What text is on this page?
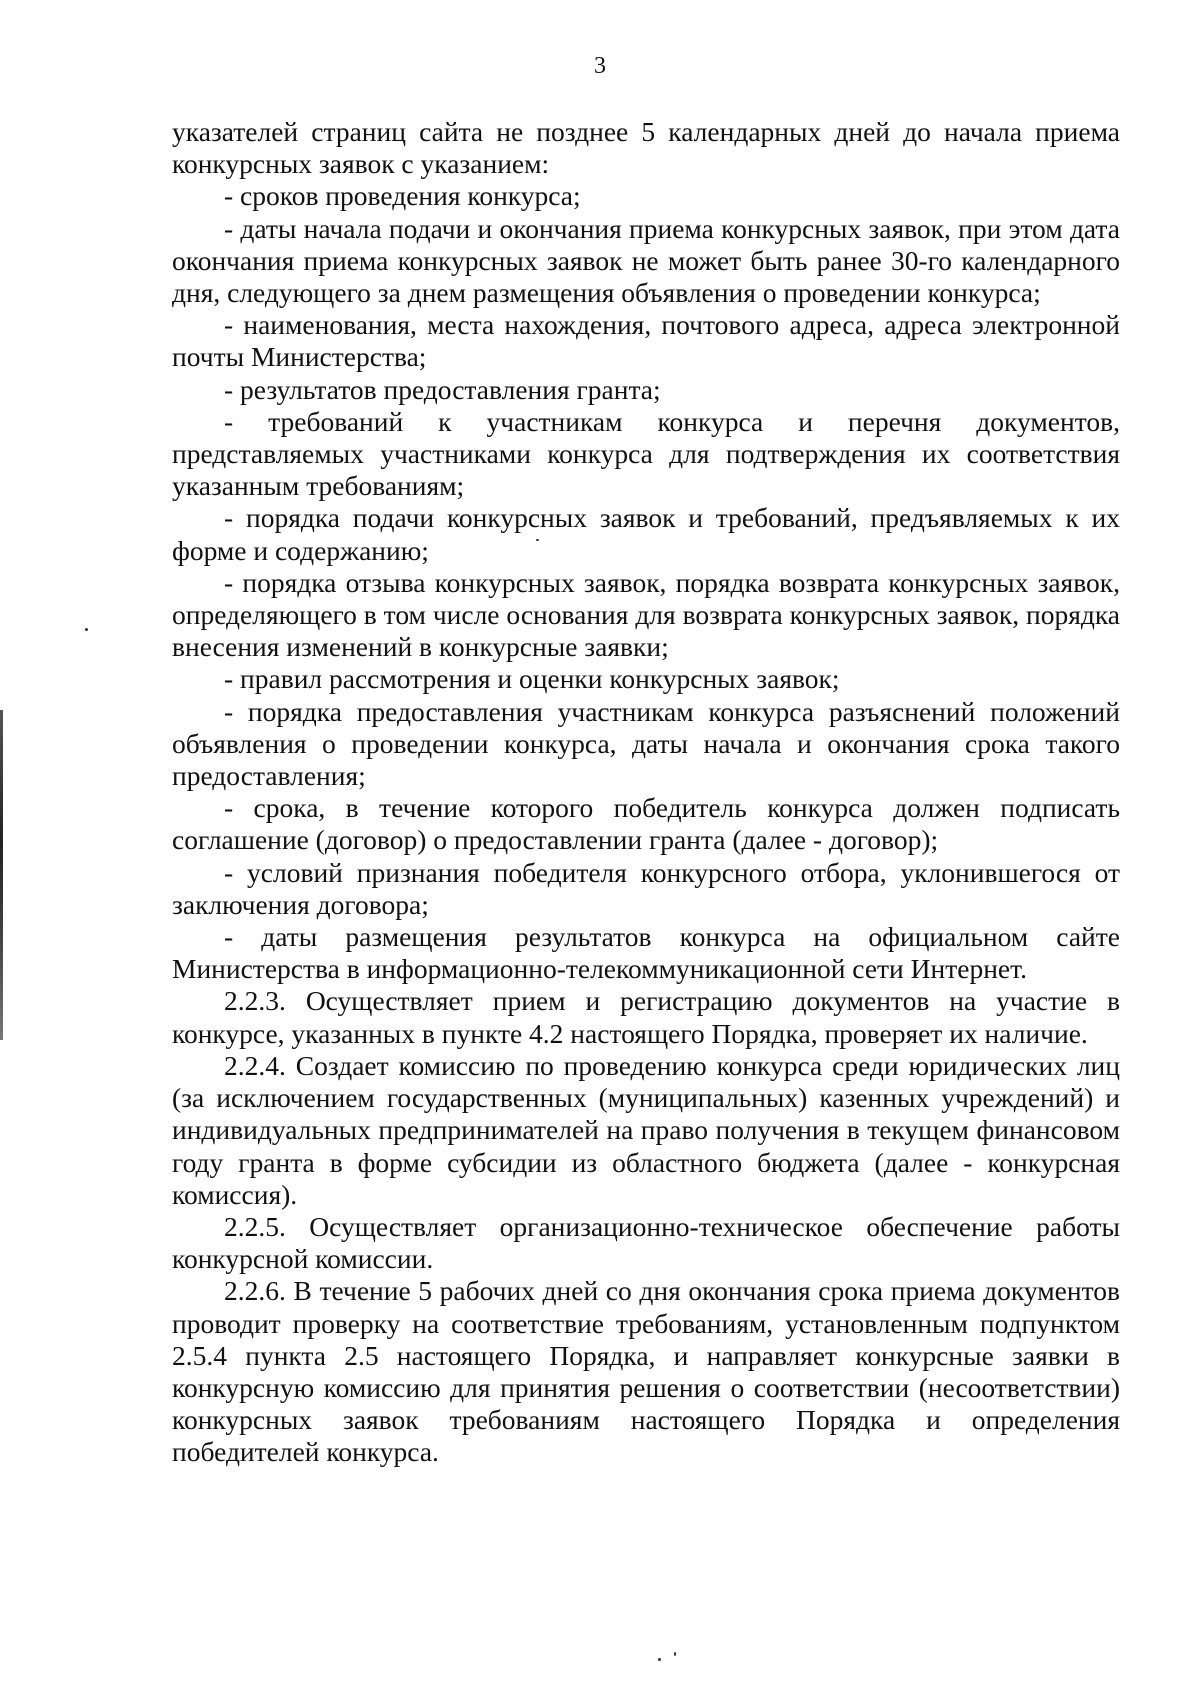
3

указателей страниц сайта не позднее 5 календарных дней до начала приема конкурсных заявок с указанием:

- сроков проведения конкурса;

- даты начала подачи и окончания приема конкурсных заявок, при этом дата окончания приема конкурсных заявок не может быть ранее 30-го календарного дня, следующего за днем размещения объявления о проведении конкурса;

- наименования, места нахождения, почтового адреса, адреса электронной почты Министерства;

- результатов предоставления гранта;

- требований к участникам конкурса и перечня документов, представляемых участниками конкурса для подтверждения их соответствия указанным требованиям;

- порядка подачи конкурсных заявок и требований, предъявляемых к их форме и содержанию;

- порядка отзыва конкурсных заявок, порядка возврата конкурсных заявок, определяющего в том числе основания для возврата конкурсных заявок, порядка внесения изменений в конкурсные заявки;

- правил рассмотрения и оценки конкурсных заявок;

- порядка предоставления участникам конкурса разъяснений положений объявления о проведении конкурса, даты начала и окончания срока такого предоставления;

- срока, в течение которого победитель конкурса должен подписать соглашение (договор) о предоставлении гранта (далее - договор);

- условий признания победителя конкурсного отбора, уклонившегося от заключения договора;

- даты размещения результатов конкурса на официальном сайте Министерства в информационно-телекоммуникационной сети Интернет.

2.2.3. Осуществляет прием и регистрацию документов на участие в конкурсе, указанных в пункте 4.2 настоящего Порядка, проверяет их наличие.

2.2.4. Создает комиссию по проведению конкурса среди юридических лиц (за исключением государственных (муниципальных) казенных учреждений) и индивидуальных предпринимателей на право получения в текущем финансовом году гранта в форме субсидии из областного бюджета (далее - конкурсная комиссия).

2.2.5. Осуществляет организационно-техническое обеспечение работы конкурсной комиссии.

2.2.6. В течение 5 рабочих дней со дня окончания срока приема документов проводит проверку на соответствие требованиям, установленным подпунктом 2.5.4 пункта 2.5 настоящего Порядка, и направляет конкурсные заявки в конкурсную комиссию для принятия решения о соответствии (несоответствии) конкурсных заявок требованиям настоящего Порядка и определения победителей конкурса.
